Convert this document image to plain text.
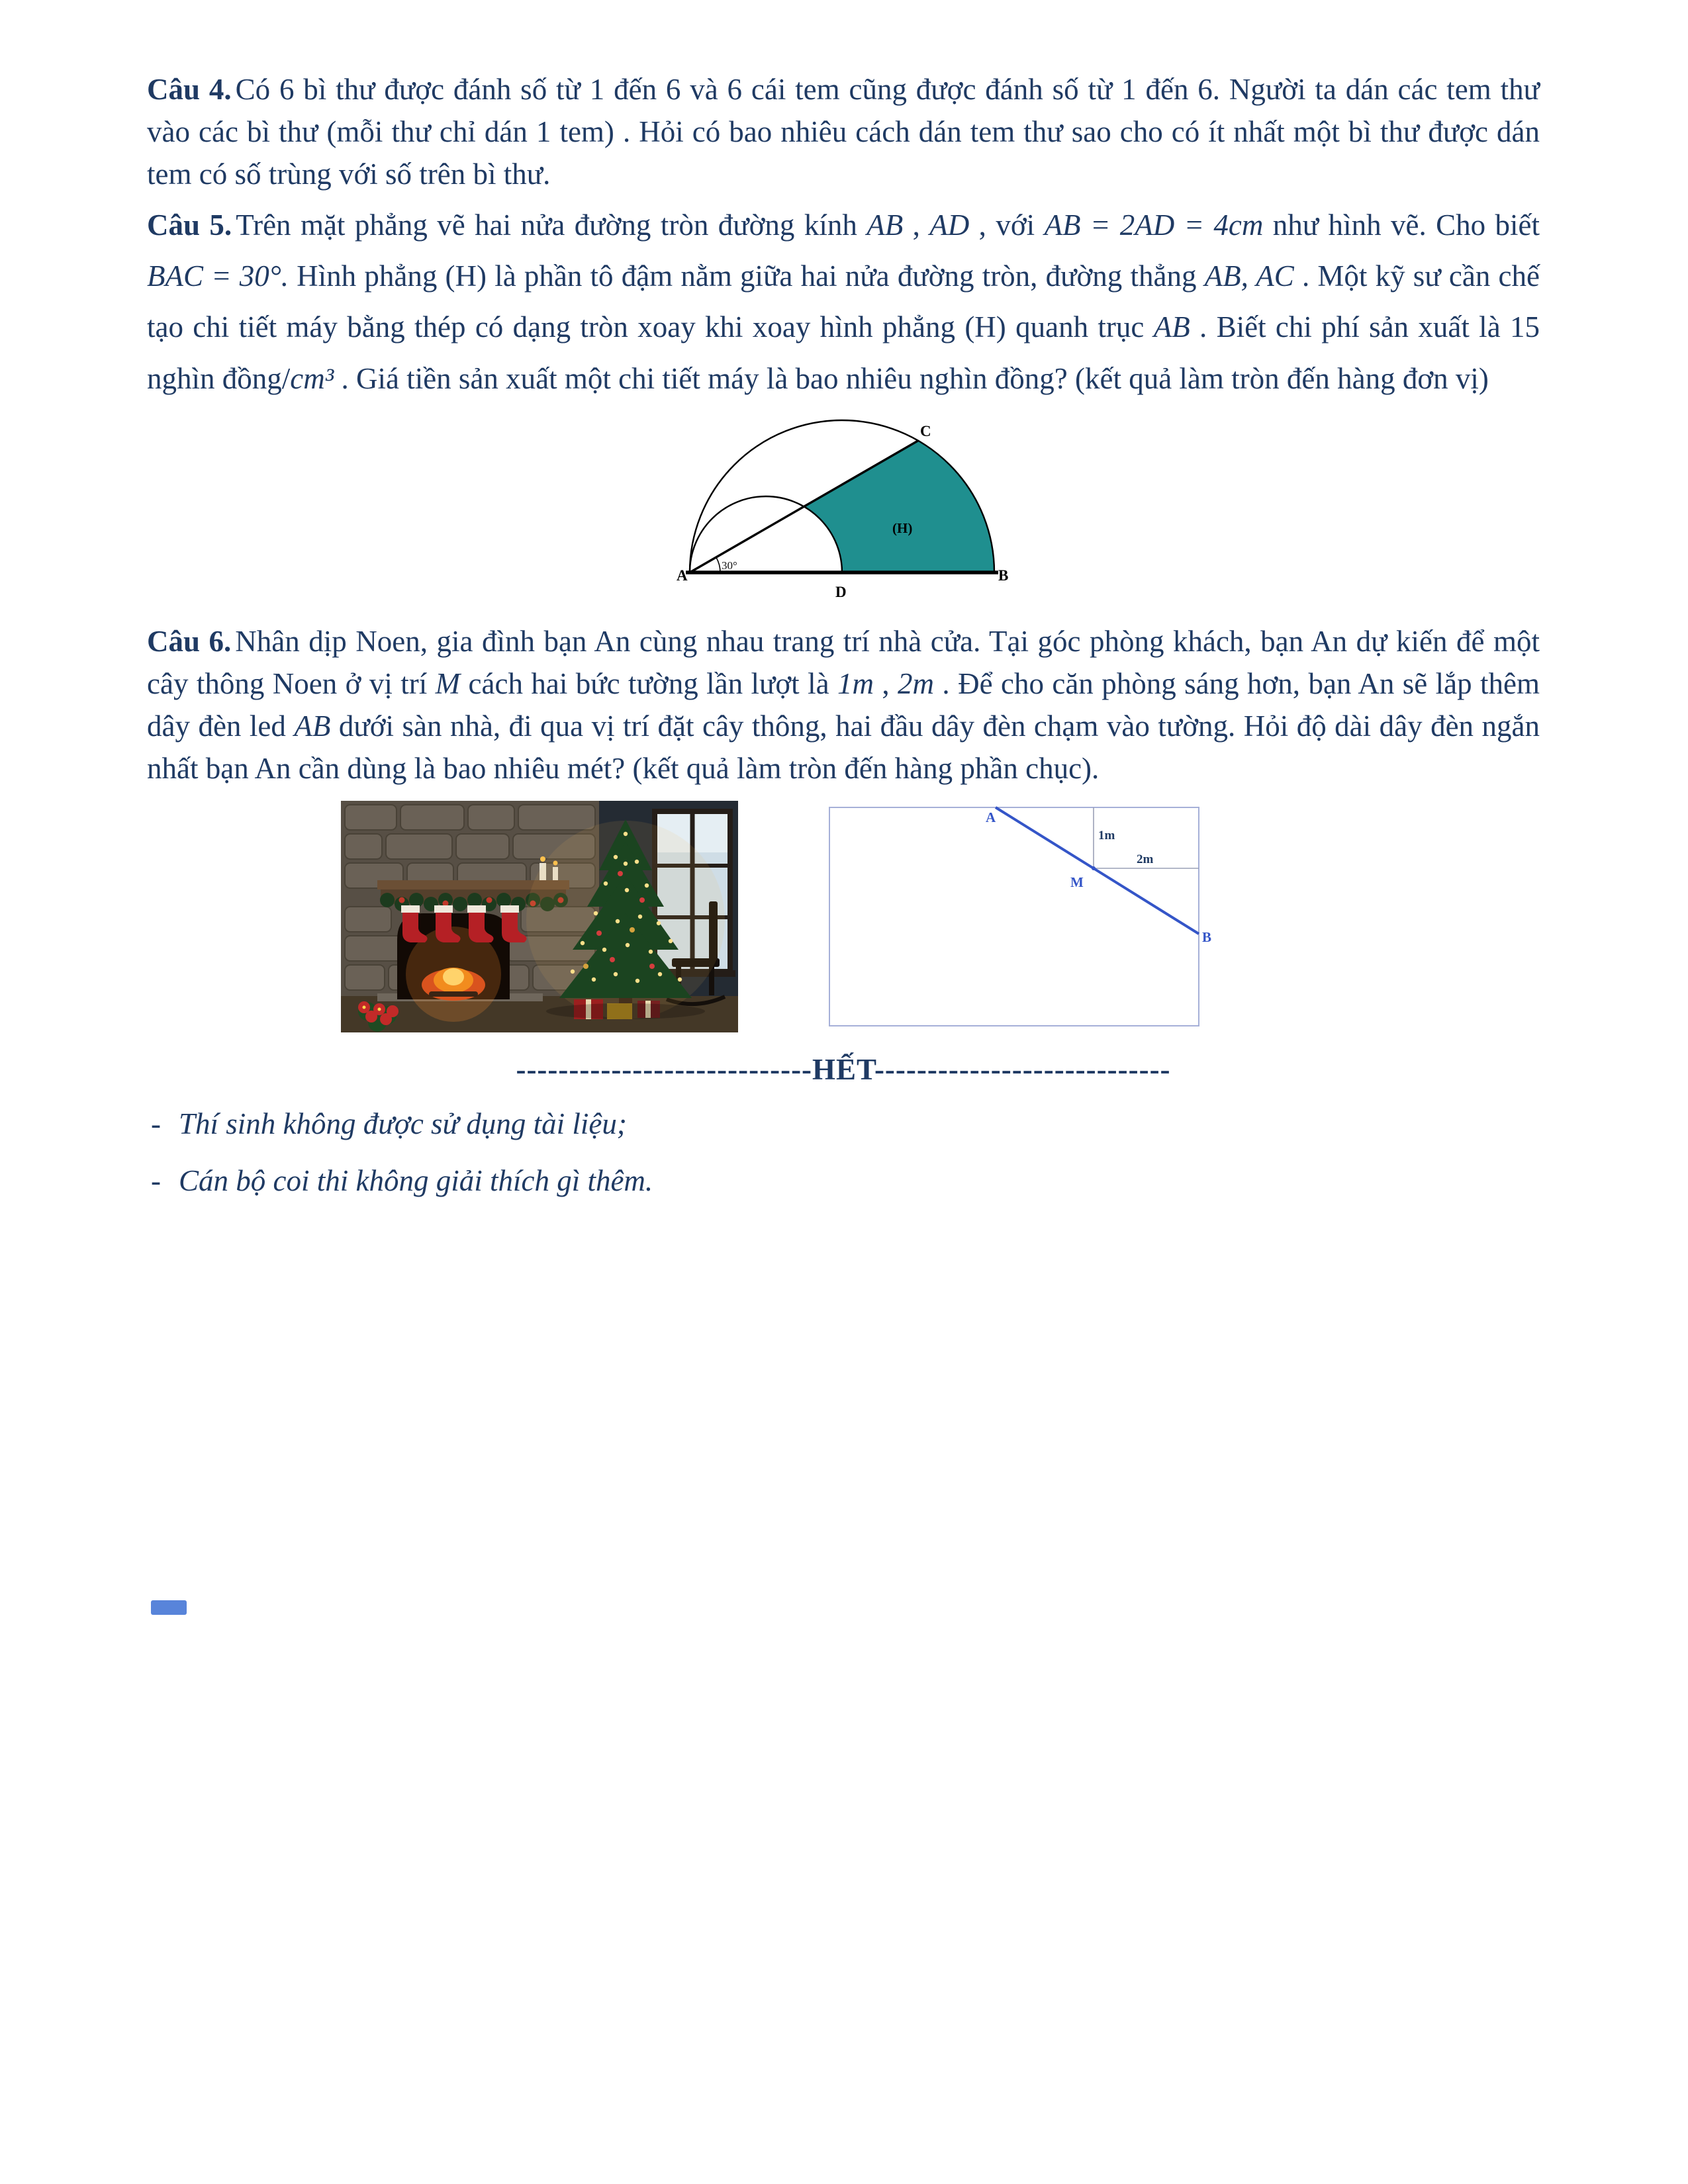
Câu 4. Có 6 bì thư được đánh số từ 1 đến 6 và 6 cái tem cũng được đánh số từ 1 đến 6. Người ta dán các tem thư vào các bì thư (mỗi thư chỉ dán 1 tem) . Hỏi có bao nhiêu cách dán tem thư sao cho có ít nhất một bì thư được dán tem có số trùng với số trên bì thư.

Câu 5. Trên mặt phẳng vẽ hai nửa đường tròn đường kính AB , AD , với AB = 2AD = 4cm như hình vẽ. Cho biết BAC = 30°. Hình phẳng (H) là phần tô đậm nằm giữa hai nửa đường tròn, đường thẳng AB, AC . Một kỹ sư cần chế tạo chi tiết máy bằng thép có dạng tròn xoay khi xoay hình phẳng (H) quanh trục AB . Biết chi phí sản xuất là 15 nghìn đồng/cm³ . Giá tiền sản xuất một chi tiết máy là bao nhiêu nghìn đồng? (kết quả làm tròn đến hàng đơn vị)

30°
A
D
B
C
(H)

Câu 6. Nhân dịp Noen, gia đình bạn An cùng nhau trang trí nhà cửa. Tại góc phòng khách, bạn An dự kiến để một cây thông Noen ở vị trí M cách hai bức tường lần lượt là 1m , 2m . Để cho căn phòng sáng hơn, bạn An sẽ lắp thêm dây đèn led AB dưới sàn nhà, đi qua vị trí đặt cây thông, hai đầu dây đèn chạm vào tường. Hỏi độ dài dây đèn ngắn nhất bạn An cần dùng là bao nhiêu mét? (kết quả làm tròn đến hàng phần chục).

A
M
B
1m
2m
----------------------------HẾT----------------------------
- Thí sinh không được sử dụng tài liệu;
- Cán bộ coi thi không giải thích gì thêm.
